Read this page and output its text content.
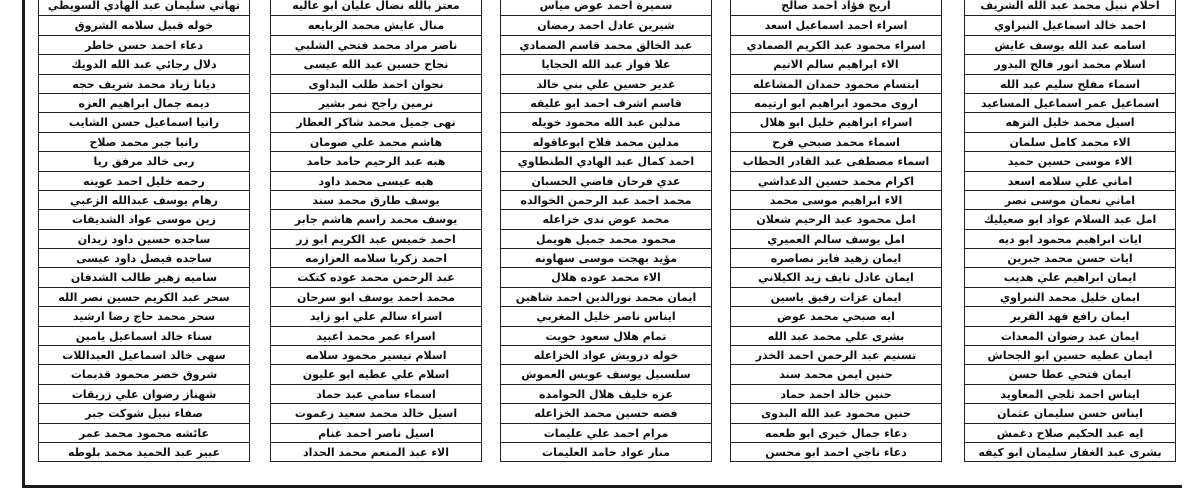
احلام نبيل محمد عبد الله الشريف
احمد خالد اسماعيل النبراوي
اسامه عبد الله يوسف عايش
اسلام محمد انور فالح البدور
اسماء مفلح سليم عبد الله
اسماعيل عمر اسماعيل المساعيد
اسيل محمد خليل النزهه
الاء محمد كامل سلمان
الاء موسى حسين حميد
اماني علي سلامه اسعد
اماني نعمان موسى نصر
امل عبد السلام عواد ابو صعيليك
ايات ابراهيم محمود ابو ديه
ايات حسن محمد جبرين
ايمان ابراهيم علي هديب
ايمان خليل محمد النبراوي
ايمان رافع فهد الفرير
ايمان عبد رضوان المعدات
ايمان عطيه حسين ابو الجحاش
ايمان فتحي عطا حسن
ايناس احمد ثلجي المعاويد
ايناس حسن سليمان عثمان
ايه عبد الحكيم صلاح دغمش
بشرى عبد الغفار سليمان ابو كيفه
اريج فؤاد احمد صالح
اسراء احمد اسماعيل اسعد
اسراء محمود عبد الكريم الصمادي
الاء ابراهيم سالم الاتيم
ابتسام محمود حمدان المشاعله
اروى محمود ابراهيم ابو ارتيمه
اسراء ابراهيم خليل ابو هلال
اسماء محمد صبحي فرح
اسماء مصطفى عبد القادر الحطاب
اكرام محمد حسين الدغداشي
الاء ابراهيم موسى محمد
امل محمود عبد الرحيم شعلان
امل يوسف سالم العميري
ايمان زهيد فايز نصاصره
ايمان عادل نايف زيد الكيلاني
ايمان عزات رفيق ياسين
ايه صبحي محمد عوض
بشرى علي محمد عبد الله
تسنيم عبد الرحمن احمد الخذر
حنين ايمن محمد سند
حنين خالد احمد حماد
حنين محمود عبد الله البدوى
دعاء جمال خيرى ابو طعمه
دعاء ناجي احمد ابو محسن
سميرة احمد عوض مياس
شيرين عادل احمد رمضان
عبد الخالق محمد قاسم الصمادي
علا فواز عبد الله الحجايا
غدير حسين علي بني خالد
قاسم اشرف احمد ابو عليقه
مدلين عبد الله محمود خويله
مدلين محمد فلاح ابوعاقوله
احمد كمال عبد الهادي الطنطاوي
عدي فرحان فاضي الحسبان
محمد احمد عبد الرحمن الخوالده
محمد عوض ندى خزاعله
محمود محمد جميل هويمل
مؤيد بهجت موسى سهاونه
الاء محمد عوده هلال
ايمان محمد نورالدين احمد شاهين
ايناس ناصر خليل المغربي
تمام هلال سعود حويت
خوله درويش عواد الخزاعله
سلسبيل يوسف عويس العموش
عزه خليف هلال الحوامده
فضه حسين محمد الخزاعله
مرام احمد علي عليمات
منار عواد حامد العليمات
معتز بالله نضال عليان ابو عاليه
منال عايش محمد الربايعه
ناصر مراد محمد فتحي الشلبي
نجاح حسين عبد الله عيسى
نجوان احمد طلب البداوى
نرمين راجح نمر بشير
نهى جميل محمد شاكر العطار
هاشم محمد علي صومان
هبه عبد الرحيم حامد حامد
هبه عيسى محمد داود
يوسف طارق محمد سند
يوسف محمد راسم هاشم جابر
احمد خميس عبد الكريم ابو زر
احمد زكريا سلامه العزازمه
عبد الرحمن محمد عوده كتكت
محمد احمد يوسف ابو سرحان
اسراء سالم علي ابو زايد
اسراء عمر محمد اعبيد
اسلام تيسير محمود سلامه
اسلام علي عطيه ابو عليون
اسماء سامي عبد حماد
اسيل خالد محمد سعيد زغموت
اسيل ناصر احمد غنام
الاء عبد المنعم محمد الحداد
تهاني سليمان عبد الهادي السويطي
خوله قبيل سلامه الشروق
دعاء احمد حسن خاطر
دلال رجائي عبد الله الدويك
ديانا زياد محمد شريف حجه
ديمه جمال ابراهيم العزه
رانيا اسماعيل حسن الشايب
رانيا جبر محمد صلاح
ربى خالد مرفق ريا
رحمه خليل احمد عوينه
رهام يوسف عبدالله الزعبي
زين موسى عواد الشديفات
ساجده حسين داود زيدان
ساجده فيصل داود عيسى
ساميه زهير طالب الشدفان
سحر عبد الكريم حسين نصر الله
سحر محمد حاج رضا ارشيد
سناء خالد اسماعيل يامين
سهى خالد اسماعيل العبداللات
شروق خضر محمود قديمات
شهناز رضوان علي زريقات
صفاء نبيل شوكت جبر
عائشه محمود محمد عمر
عبير عبد الحميد محمد بلوطه
